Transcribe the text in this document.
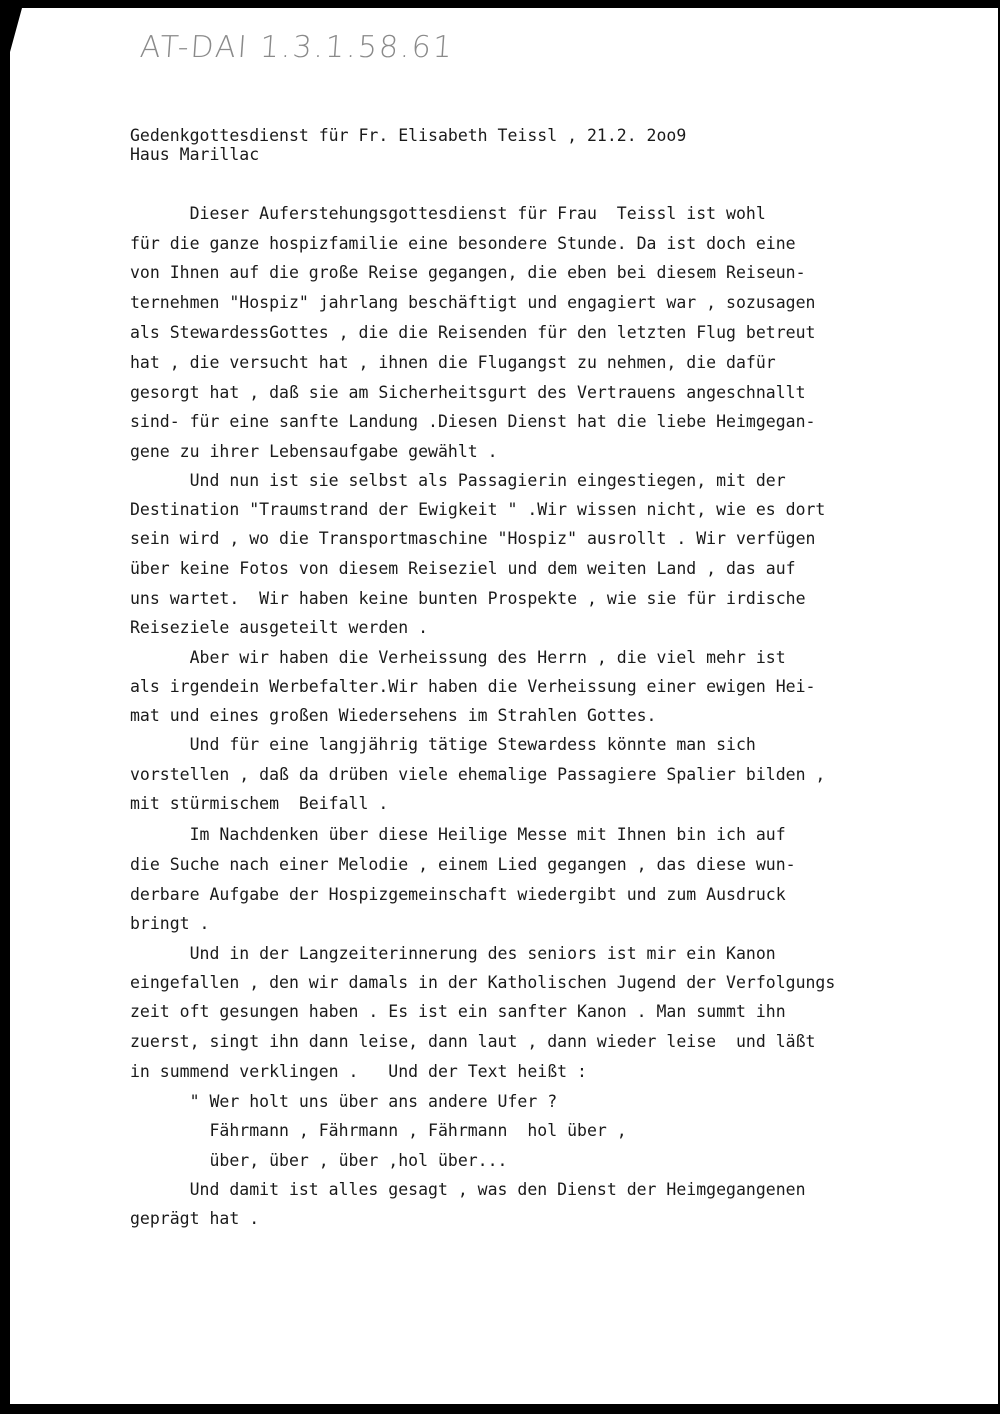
AT-DAI 1.3.1.58.61

Gedenkgottesdienst für Fr. Elisabeth Teissl , 21.2. 2oo9

Haus Marillac

Dieser Auferstehungsgottesdienst für Frau  Teissl ist wohl

für die ganze hospizfamilie eine besondere Stunde. Da ist doch eine

von Ihnen auf die große Reise gegangen, die eben bei diesem Reiseun-

ternehmen "Hospiz" jahrlang beschäftigt und engagiert war , sozusagen

als StewardessGottes , die die Reisenden für den letzten Flug betreut

hat , die versucht hat , ihnen die Flugangst zu nehmen, die dafür

gesorgt hat , daß sie am Sicherheitsgurt des Vertrauens angeschnallt

sind- für eine sanfte Landung .Diesen Dienst hat die liebe Heimgegan-

gene zu ihrer Lebensaufgabe gewählt .

Und nun ist sie selbst als Passagierin eingestiegen, mit der

Destination "Traumstrand der Ewigkeit " .Wir wissen nicht, wie es dort

sein wird , wo die Transportmaschine "Hospiz" ausrollt . Wir verfügen

über keine Fotos von diesem Reiseziel und dem weiten Land , das auf

uns wartet.  Wir haben keine bunten Prospekte , wie sie für irdische

Reiseziele ausgeteilt werden .

Aber wir haben die Verheissung des Herrn , die viel mehr ist

als irgendein Werbefalter.Wir haben die Verheissung einer ewigen Hei-

mat und eines großen Wiedersehens im Strahlen Gottes.

Und für eine langjährig tätige Stewardess könnte man sich

vorstellen , daß da drüben viele ehemalige Passagiere Spalier bilden ,

mit stürmischem  Beifall .

Im Nachdenken über diese Heilige Messe mit Ihnen bin ich auf

die Suche nach einer Melodie , einem Lied gegangen , das diese wun-

derbare Aufgabe der Hospizgemeinschaft wiedergibt und zum Ausdruck

bringt .

Und in der Langzeiterinnerung des seniors ist mir ein Kanon

eingefallen , den wir damals in der Katholischen Jugend der Verfolgungs

zeit oft gesungen haben . Es ist ein sanfter Kanon . Man summt ihn

zuerst, singt ihn dann leise, dann laut , dann wieder leise  und läßt

in summend verklingen .   Und der Text heißt :

" Wer holt uns über ans andere Ufer ?

Fährmann , Fährmann , Fährmann  hol über ,

über, über , über ,hol über...

Und damit ist alles gesagt , was den Dienst der Heimgegangenen

geprägt hat .
